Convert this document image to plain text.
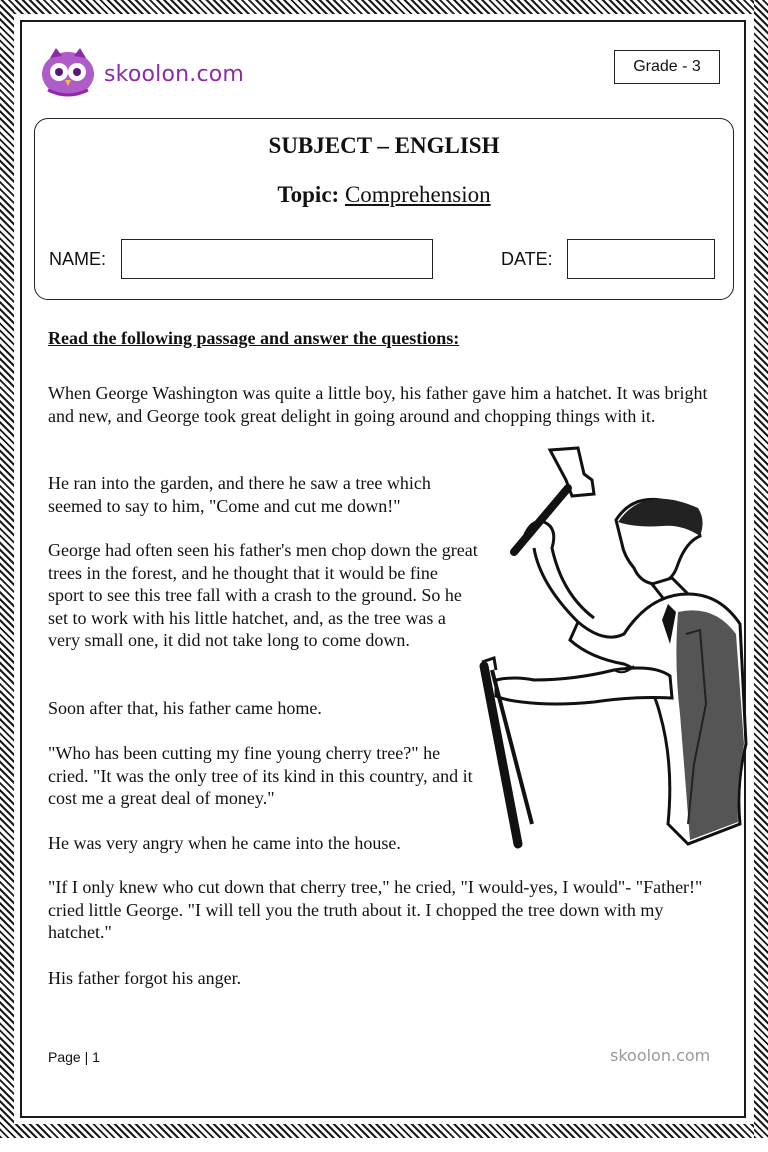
skoolon.com	Grade - 3
SUBJECT – ENGLISH
Topic: Comprehension
NAME:	DATE:
Read the following passage and answer the questions:

When George Washington was quite a little boy, his father gave him a hatchet. It was bright and new, and George took great delight in going around and chopping things with it.

He ran into the garden, and there he saw a tree which seemed to say to him, "Come and cut me down!"

George had often seen his father's men chop down the great trees in the forest, and he thought that it would be fine sport to see this tree fall with a crash to the ground. So he set to work with his little hatchet, and, as the tree was a very small one, it did not take long to come down.

Soon after that, his father came home.

"Who has been cutting my fine young cherry tree?" he cried. "It was the only tree of its kind in this country, and it cost me a great deal of money."

He was very angry when he came into the house.

"If I only knew who cut down that cherry tree," he cried, "I would-yes, I would"- "Father!" cried little George. "I will tell you the truth about it. I chopped the tree down with my hatchet."

His father forgot his anger.

Page | 1	skoolon.com
